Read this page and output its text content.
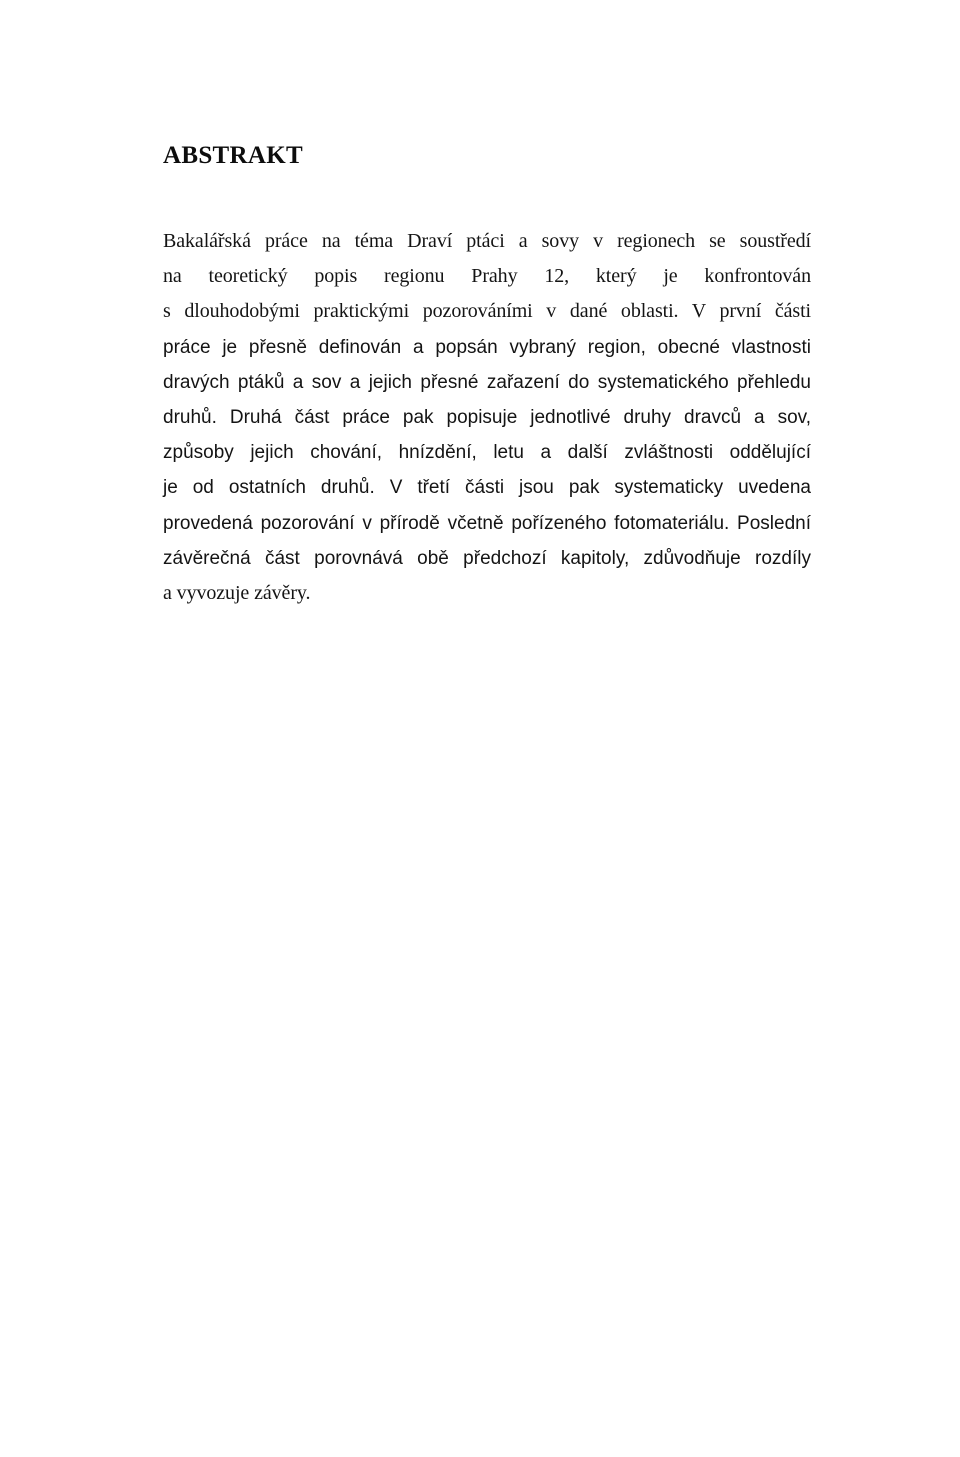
ABSTRAKT
Bakalářská práce na téma Draví ptáci a sovy v regionech se soustředí
na teoretický popis regionu Prahy 12, který je konfrontován
s dlouhodobými praktickými pozorováními v dané oblasti. V první části
práce je přesně definován a popsán vybraný region, obecné vlastnosti
dravých ptáků a sov a jejich přesné zařazení do systematického přehledu
druhů. Druhá část práce pak popisuje jednotlivé druhy dravců a sov,
způsoby jejich chování, hnízdění, letu a další zvláštnosti oddělující
je od ostatních druhů. V třetí části jsou pak systematicky uvedena
provedená pozorování v přírodě včetně pořízeného fotomateriálu. Poslední
závěrečná část porovnává obě předchozí kapitoly, zdůvodňuje rozdíly
a vyvozuje závěry.
